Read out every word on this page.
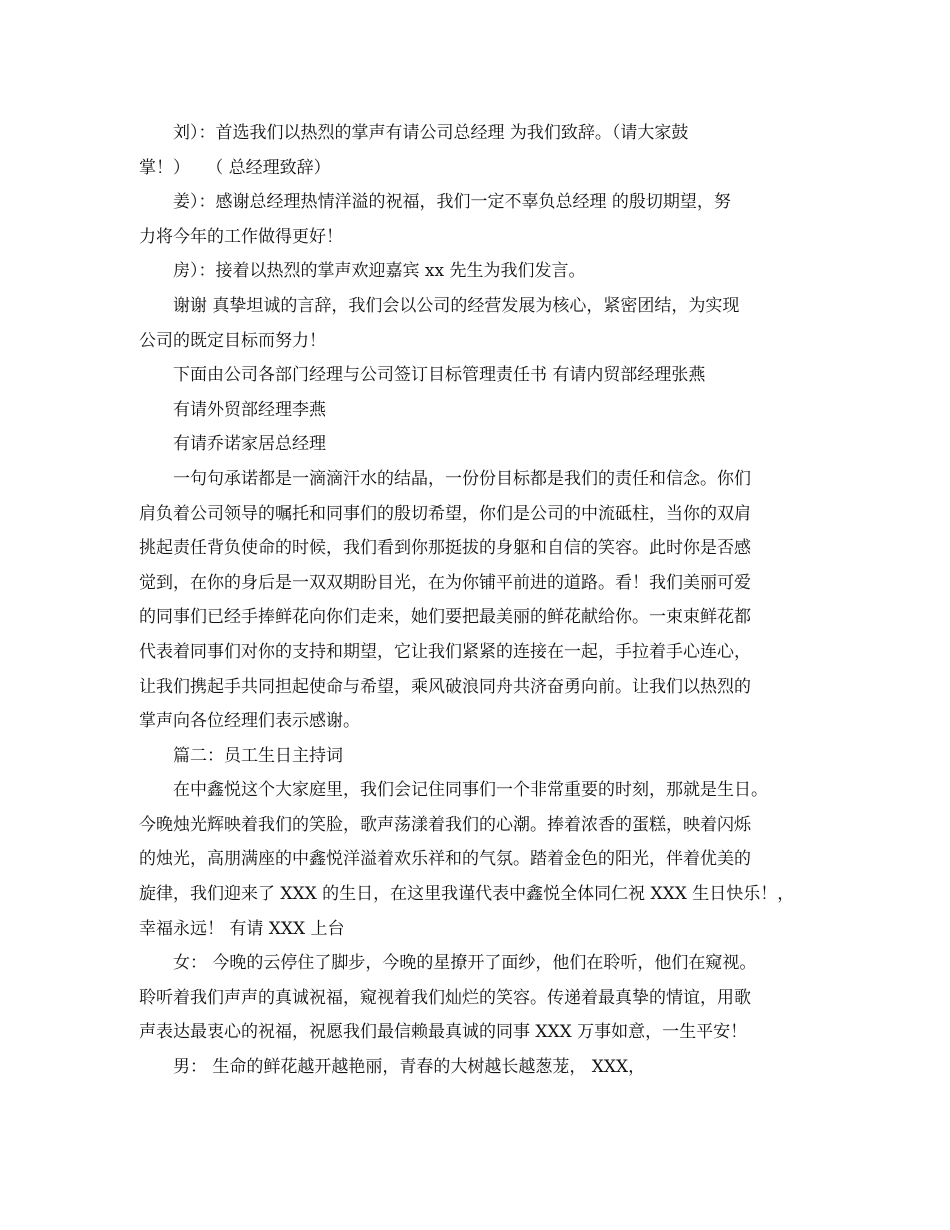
刘）：首选我们以热烈的掌声有请公司总经理 为我们致辞。（请大家鼓
掌！）   （ 总经理致辞）
姜）：感谢总经理热情洋溢的祝福，我们一定不辜负总经理 的殷切期望，努
力将今年的工作做得更好！
房）：接着以热烈的掌声欢迎嘉宾 xx 先生为我们发言。
谢谢 真挚坦诚的言辞，我们会以公司的经营发展为核心，紧密团结，为实现
公司的既定目标而努力！
下面由公司各部门经理与公司签订目标管理责任书 有请内贸部经理张燕
有请外贸部经理李燕
有请乔诺家居总经理
一句句承诺都是一滴滴汗水的结晶，一份份目标都是我们的责任和信念。你们
肩负着公司领导的嘱托和同事们的殷切希望，你们是公司的中流砥柱，当你的双肩
挑起责任背负使命的时候，我们看到你那挺拔的身躯和自信的笑容。此时你是否感
觉到，在你的身后是一双双期盼目光，在为你铺平前进的道路。看！我们美丽可爱
的同事们已经手捧鲜花向你们走来，她们要把最美丽的鲜花献给你。一束束鲜花都
代表着同事们对你的支持和期望，它让我们紧紧的连接在一起，手拉着手心连心，
让我们携起手共同担起使命与希望，乘风破浪同舟共济奋勇向前。让我们以热烈的
掌声向各位经理们表示感谢。
篇二：员工生日主持词
在中鑫悦这个大家庭里，我们会记住同事们一个非常重要的时刻，那就是生日。
今晚烛光辉映着我们的笑脸，歌声荡漾着我们的心潮。捧着浓香的蛋糕，映着闪烁
的烛光，高朋满座的中鑫悦洋溢着欢乐祥和的气氛。踏着金色的阳光，伴着优美的
旋律，我们迎来了 XXX 的生日，在这里我谨代表中鑫悦全体同仁祝 XXX 生日快乐！，
幸福永远！ 有请 XXX 上台
女： 今晚的云停住了脚步，今晚的星撩开了面纱，他们在聆听，他们在窥视。
聆听着我们声声的真诚祝福，窥视着我们灿烂的笑容。传递着最真挚的情谊，用歌
声表达最衷心的祝福，祝愿我们最信赖最真诚的同事 XXX 万事如意，一生平安！
男： 生命的鲜花越开越艳丽，青春的大树越长越葱茏， XXX，
